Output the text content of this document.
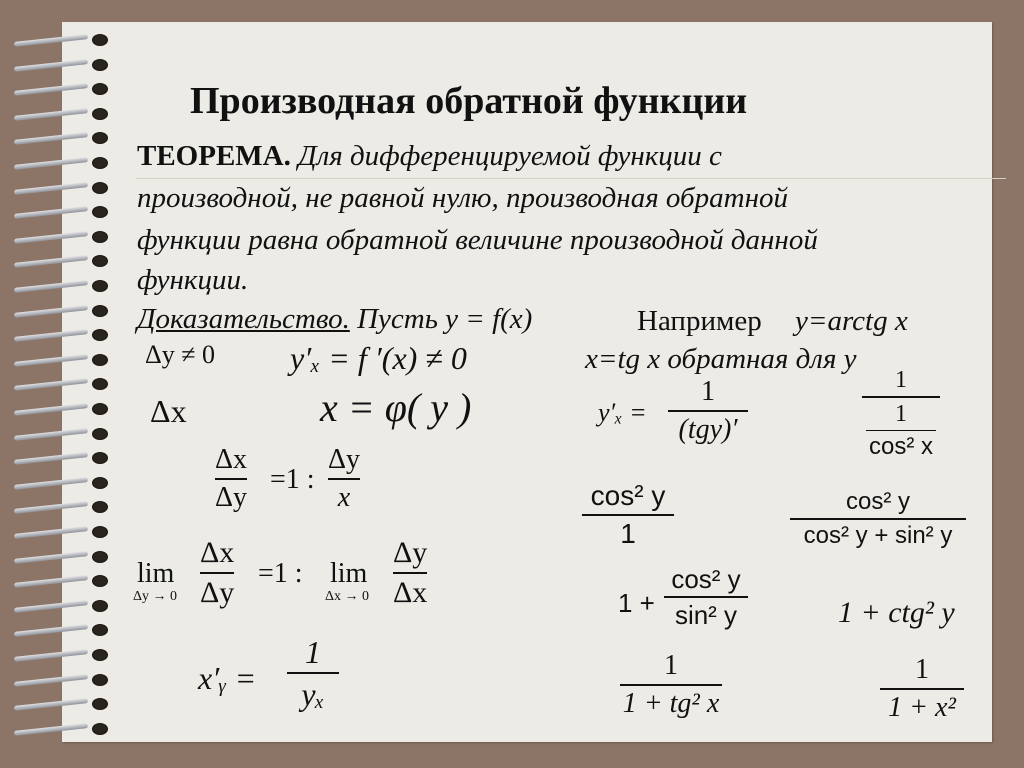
Производная обратной функции
ТЕОРЕМА. Для дифференцируемой функции с
производной, не равной нулю, производная обратной
функции равна обратной величине производной данной
функции.
Доказательство. Пусть y = f(x)	Например y=arctg x
x=tg x обратная для y
Δy ≠ 0 y′ₓ = f ′(x) ≠ 0
Δx	x = φ( y )
Δx
Δy
=1 :
Δy
x
lim
Δy → 0
Δx
Δy
=1 : lim
Δx → 0
Δy
Δx
x′ᵧ =
1
yₓ
y′ₓ =
1
(tgy)′
1
1
cos² x
cos² y
1
cos² y
cos² y + sin² y
1 +
cos² y
sin² y	1 + ctg² y
1
1 + tg² x
1
1 + x²
